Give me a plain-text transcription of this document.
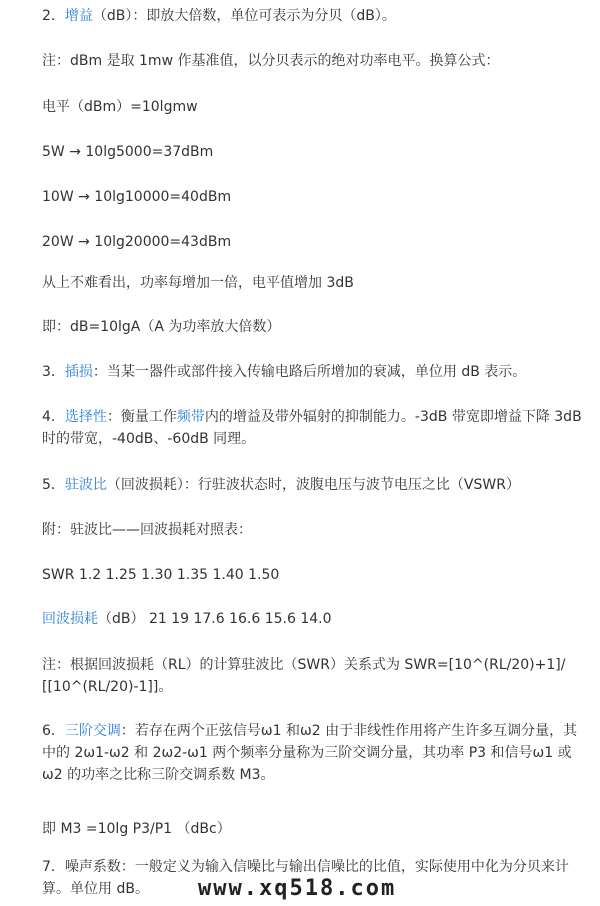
2．增益（dB）：即放大倍数，单位可表示为分贝（dB）。

注：dBm 是取 1mw 作基准值，以分贝表示的绝对功率电平。换算公式：

电平（dBm）=10lgmw

5W → 10lg5000=37dBm

10W → 10lg10000=40dBm

20W → 10lg20000=43dBm

从上不难看出，功率每增加一倍，电平值增加 3dB

即：dB=10lgA（A 为功率放大倍数）

3．插损：当某一器件或部件接入传输电路后所增加的衰减，单位用 dB 表示。

4．选择性：衡量工作频带内的增益及带外辐射的抑制能力。-3dB 带宽即增益下降 3dB 时的带宽，-40dB、-60dB 同理。

5．驻波比（回波损耗）：行驻波状态时，波腹电压与波节电压之比（VSWR）

附：驻波比——回波损耗对照表：

SWR 1.2 1.25 1.30 1.35 1.40 1.50

回波损耗（dB） 21 19 17.6 16.6 15.6 14.0

注：根据回波损耗（RL）的计算驻波比（SWR）关系式为 SWR=[10^(RL/20)+1]/[[10^(RL/20)-1]]。

6．三阶交调：若存在两个正弦信号ω1 和ω2 由于非线性作用将产生许多互调分量，其中的 2ω1-ω2 和 2ω2-ω1 两个频率分量称为三阶交调分量，其功率 P3 和信号ω1 或ω2 的功率之比称三阶交调系数 M3。

即 M3 =10lg P3/P1 （dBc）

7．噪声系数：一般定义为输入信噪比与输出信噪比的比值，实际使用中化为分贝来计算。单位用 dB。	www.xq518.com
